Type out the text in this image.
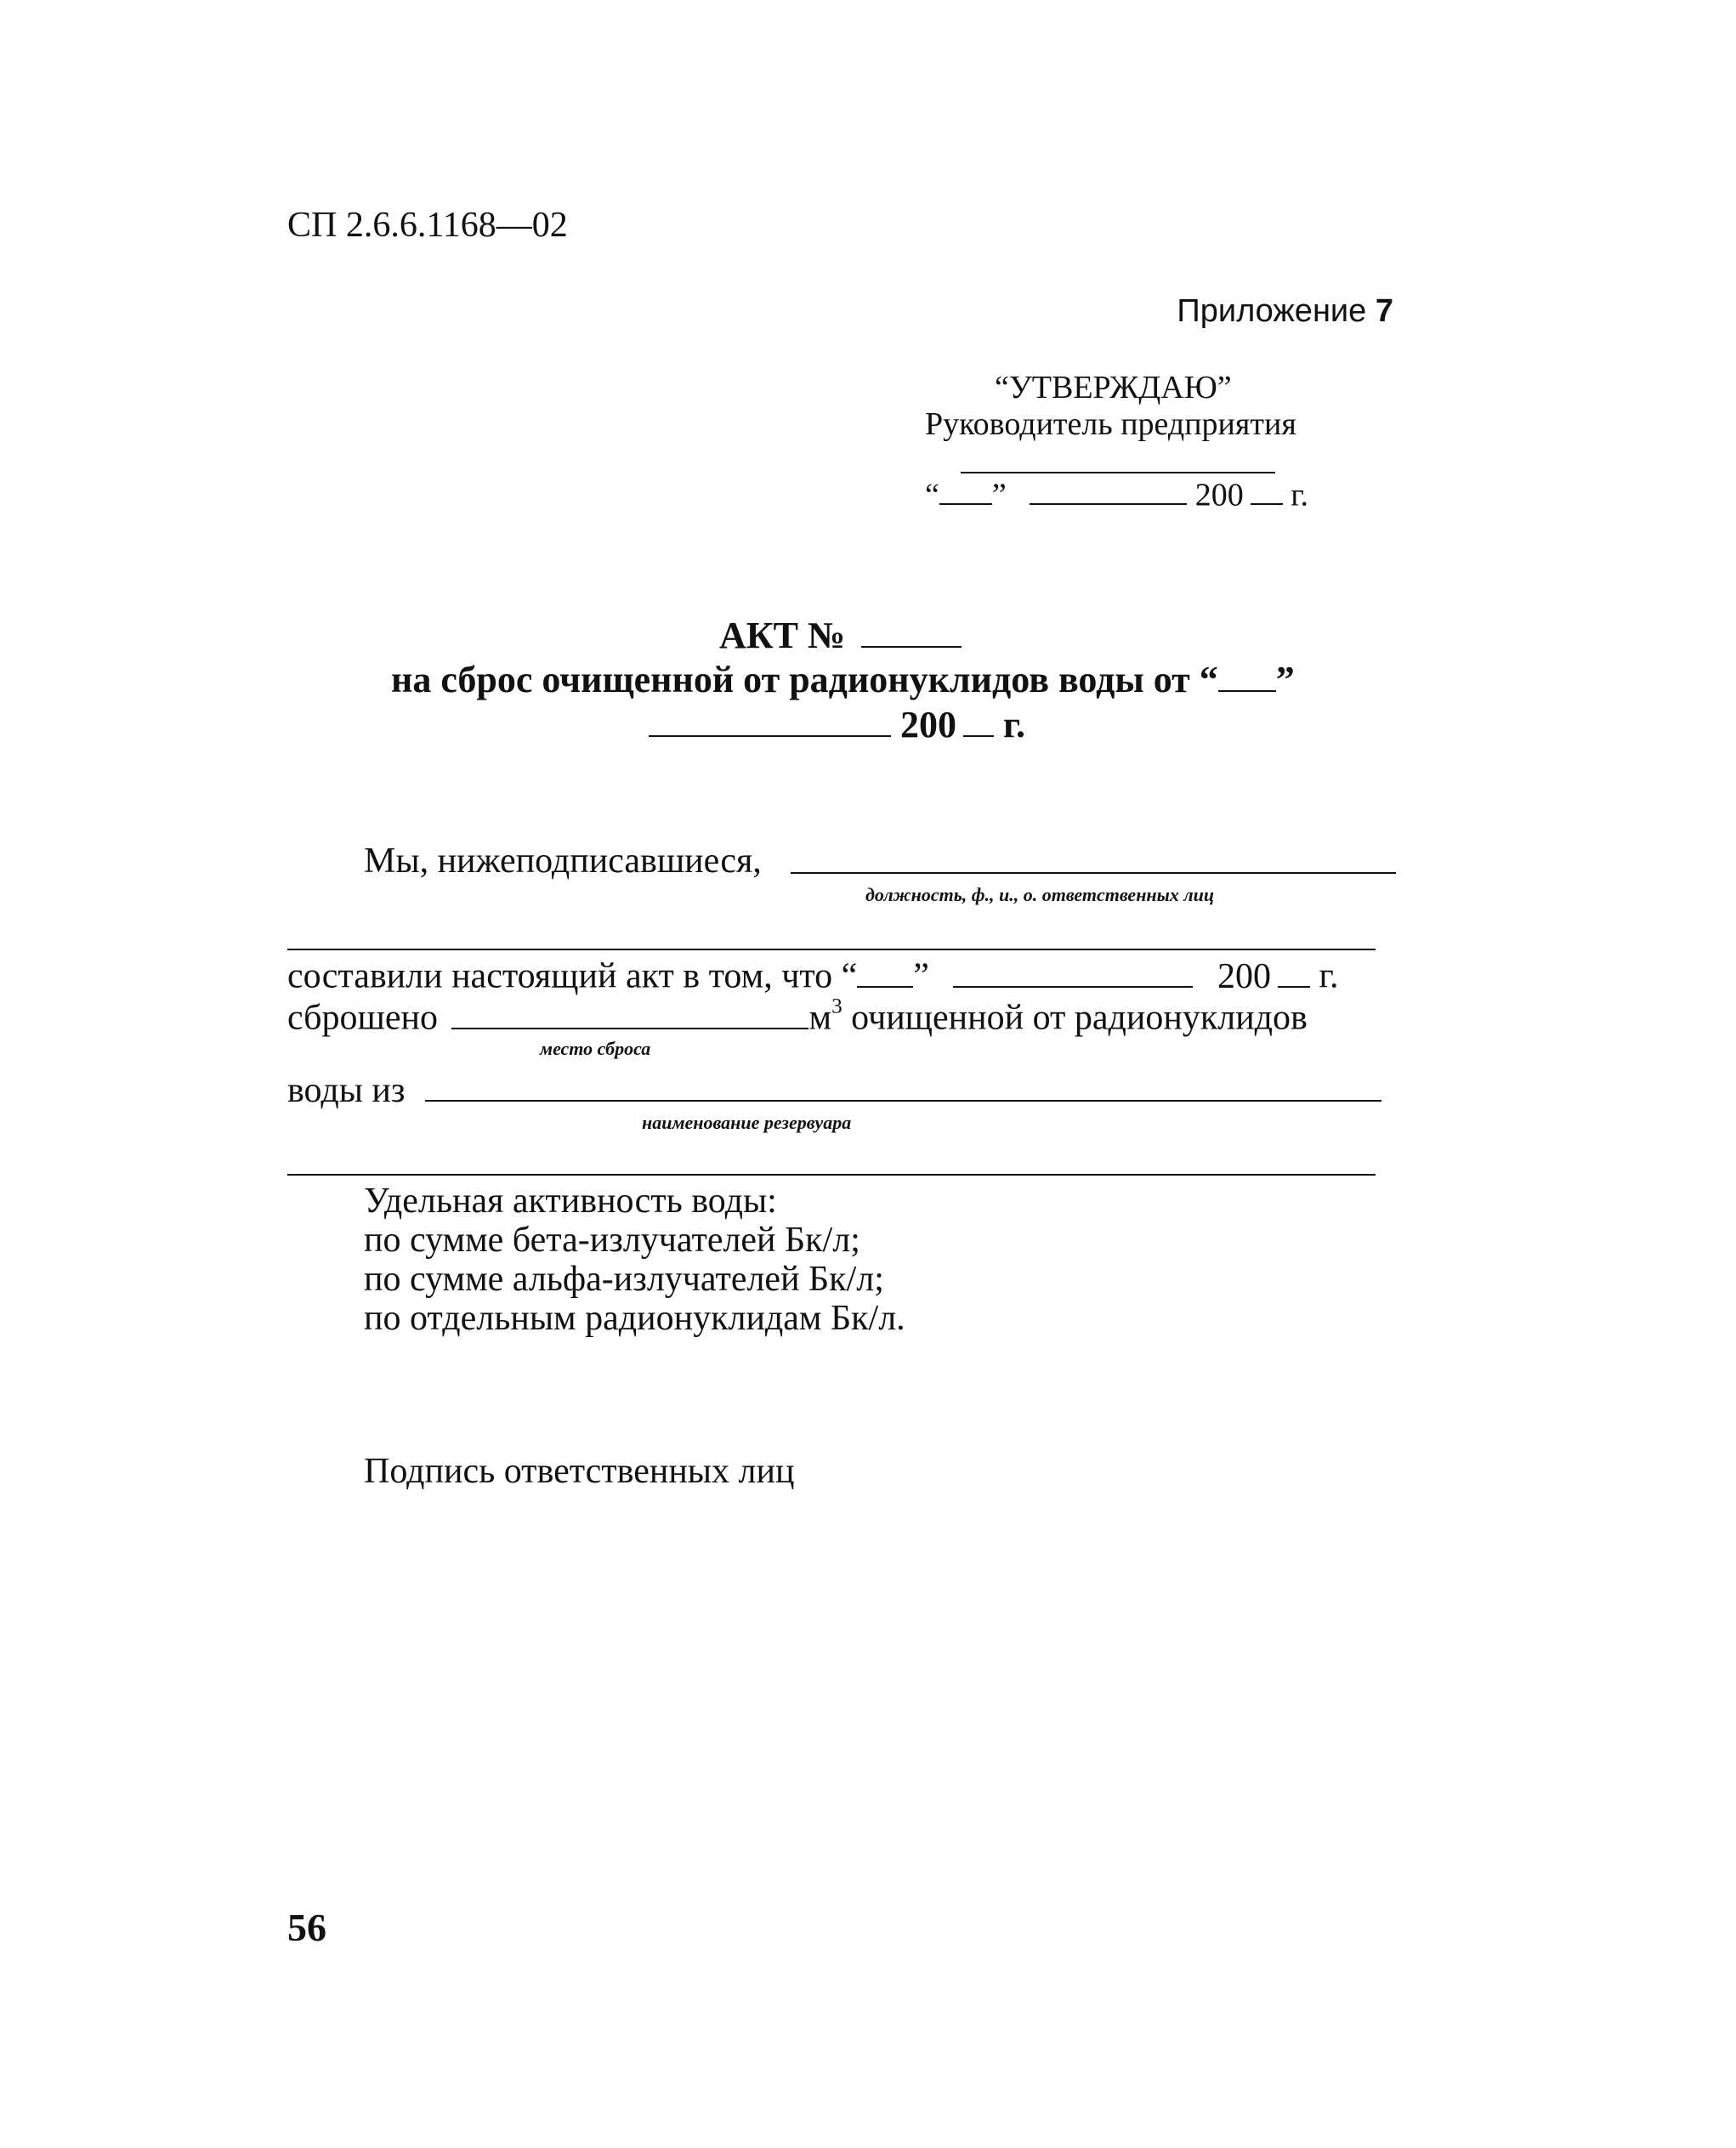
СП 2.6.6.1168—02
Приложение 7
“УТВЕРЖДАЮ”
Руководитель предприятия
“ ”	200 г.
АКТ №
на сброс очищенной от радионуклидов воды от “ ”
200 г.
Мы, нижеподписавшиеся,
должность, ф., и., о. ответственных лиц
составили настоящий акт в том, что “ ”	200 г.
сброшено	$м^3$ очищенной от радионуклидов
место сброса
воды из
наименование резервуара
Удельная активность воды:
по сумме бета-излучателей Бк/л;
по сумме альфа-излучателей Бк/л;
по отдельным радионуклидам Бк/л.
Подпись ответственных лиц
56
